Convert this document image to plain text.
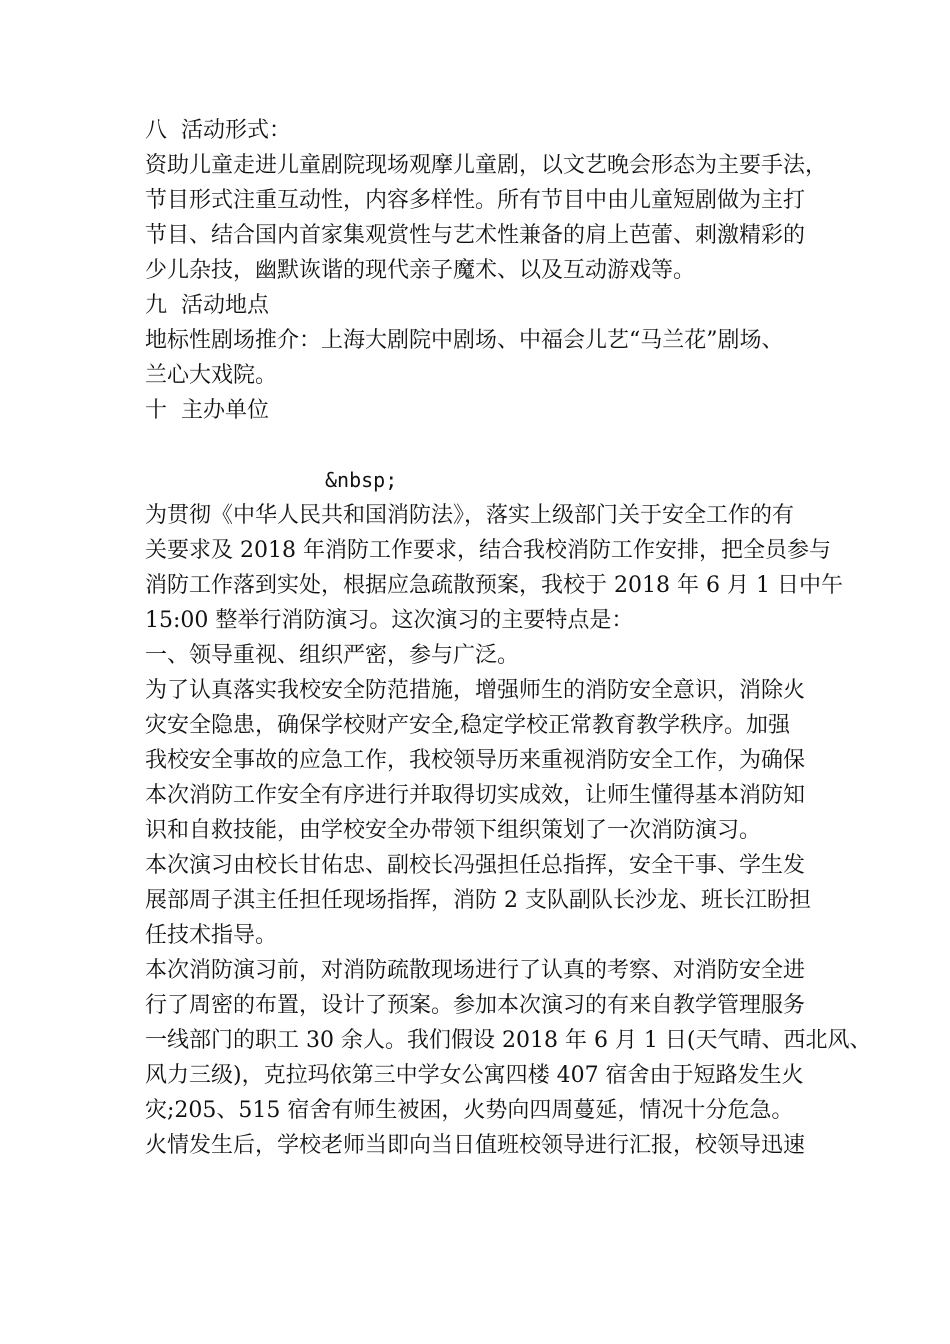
八  活动形式：
资助儿童走进儿童剧院现场观摩儿童剧，以文艺晚会形态为主要手法，
节目形式注重互动性，内容多样性。所有节目中由儿童短剧做为主打
节目、结合国内首家集观赏性与艺术性兼备的肩上芭蕾、刺激精彩的
少儿杂技，幽默诙谐的现代亲子魔术、以及互动游戏等。
九  活动地点
地标性剧场推介：上海大剧院中剧场、中福会儿艺“马兰花”剧场、
兰心大戏院。
十  主办单位
&nbsp;
为贯彻《中华人民共和国消防法》，落实上级部门关于安全工作的有
关要求及 2018 年消防工作要求，结合我校消防工作安排，把全员参与
消防工作落到实处，根据应急疏散预案，我校于 2018 年 6 月 1 日中午
15:00 整举行消防演习。这次演习的主要特点是：
一、领导重视、组织严密，参与广泛。
为了认真落实我校安全防范措施，增强师生的消防安全意识，消除火
灾安全隐患，确保学校财产安全,稳定学校正常教育教学秩序。加强
我校安全事故的应急工作，我校领导历来重视消防安全工作，为确保
本次消防工作安全有序进行并取得切实成效，让师生懂得基本消防知
识和自救技能，由学校安全办带领下组织策划了一次消防演习。
本次演习由校长甘佑忠、副校长冯强担任总指挥，安全干事、学生发
展部周子淇主任担任现场指挥，消防 2 支队副队长沙龙、班长江盼担
任技术指导。
本次消防演习前，对消防疏散现场进行了认真的考察、对消防安全进
行了周密的布置，设计了预案。参加本次演习的有来自教学管理服务
一线部门的职工 30 余人。我们假设 2018 年 6 月 1 日(天气晴、西北风、
风力三级)，克拉玛依第三中学女公寓四楼 407 宿舍由于短路发生火
灾;205、515 宿舍有师生被困，火势向四周蔓延，情况十分危急。
火情发生后，学校老师当即向当日值班校领导进行汇报，校领导迅速
